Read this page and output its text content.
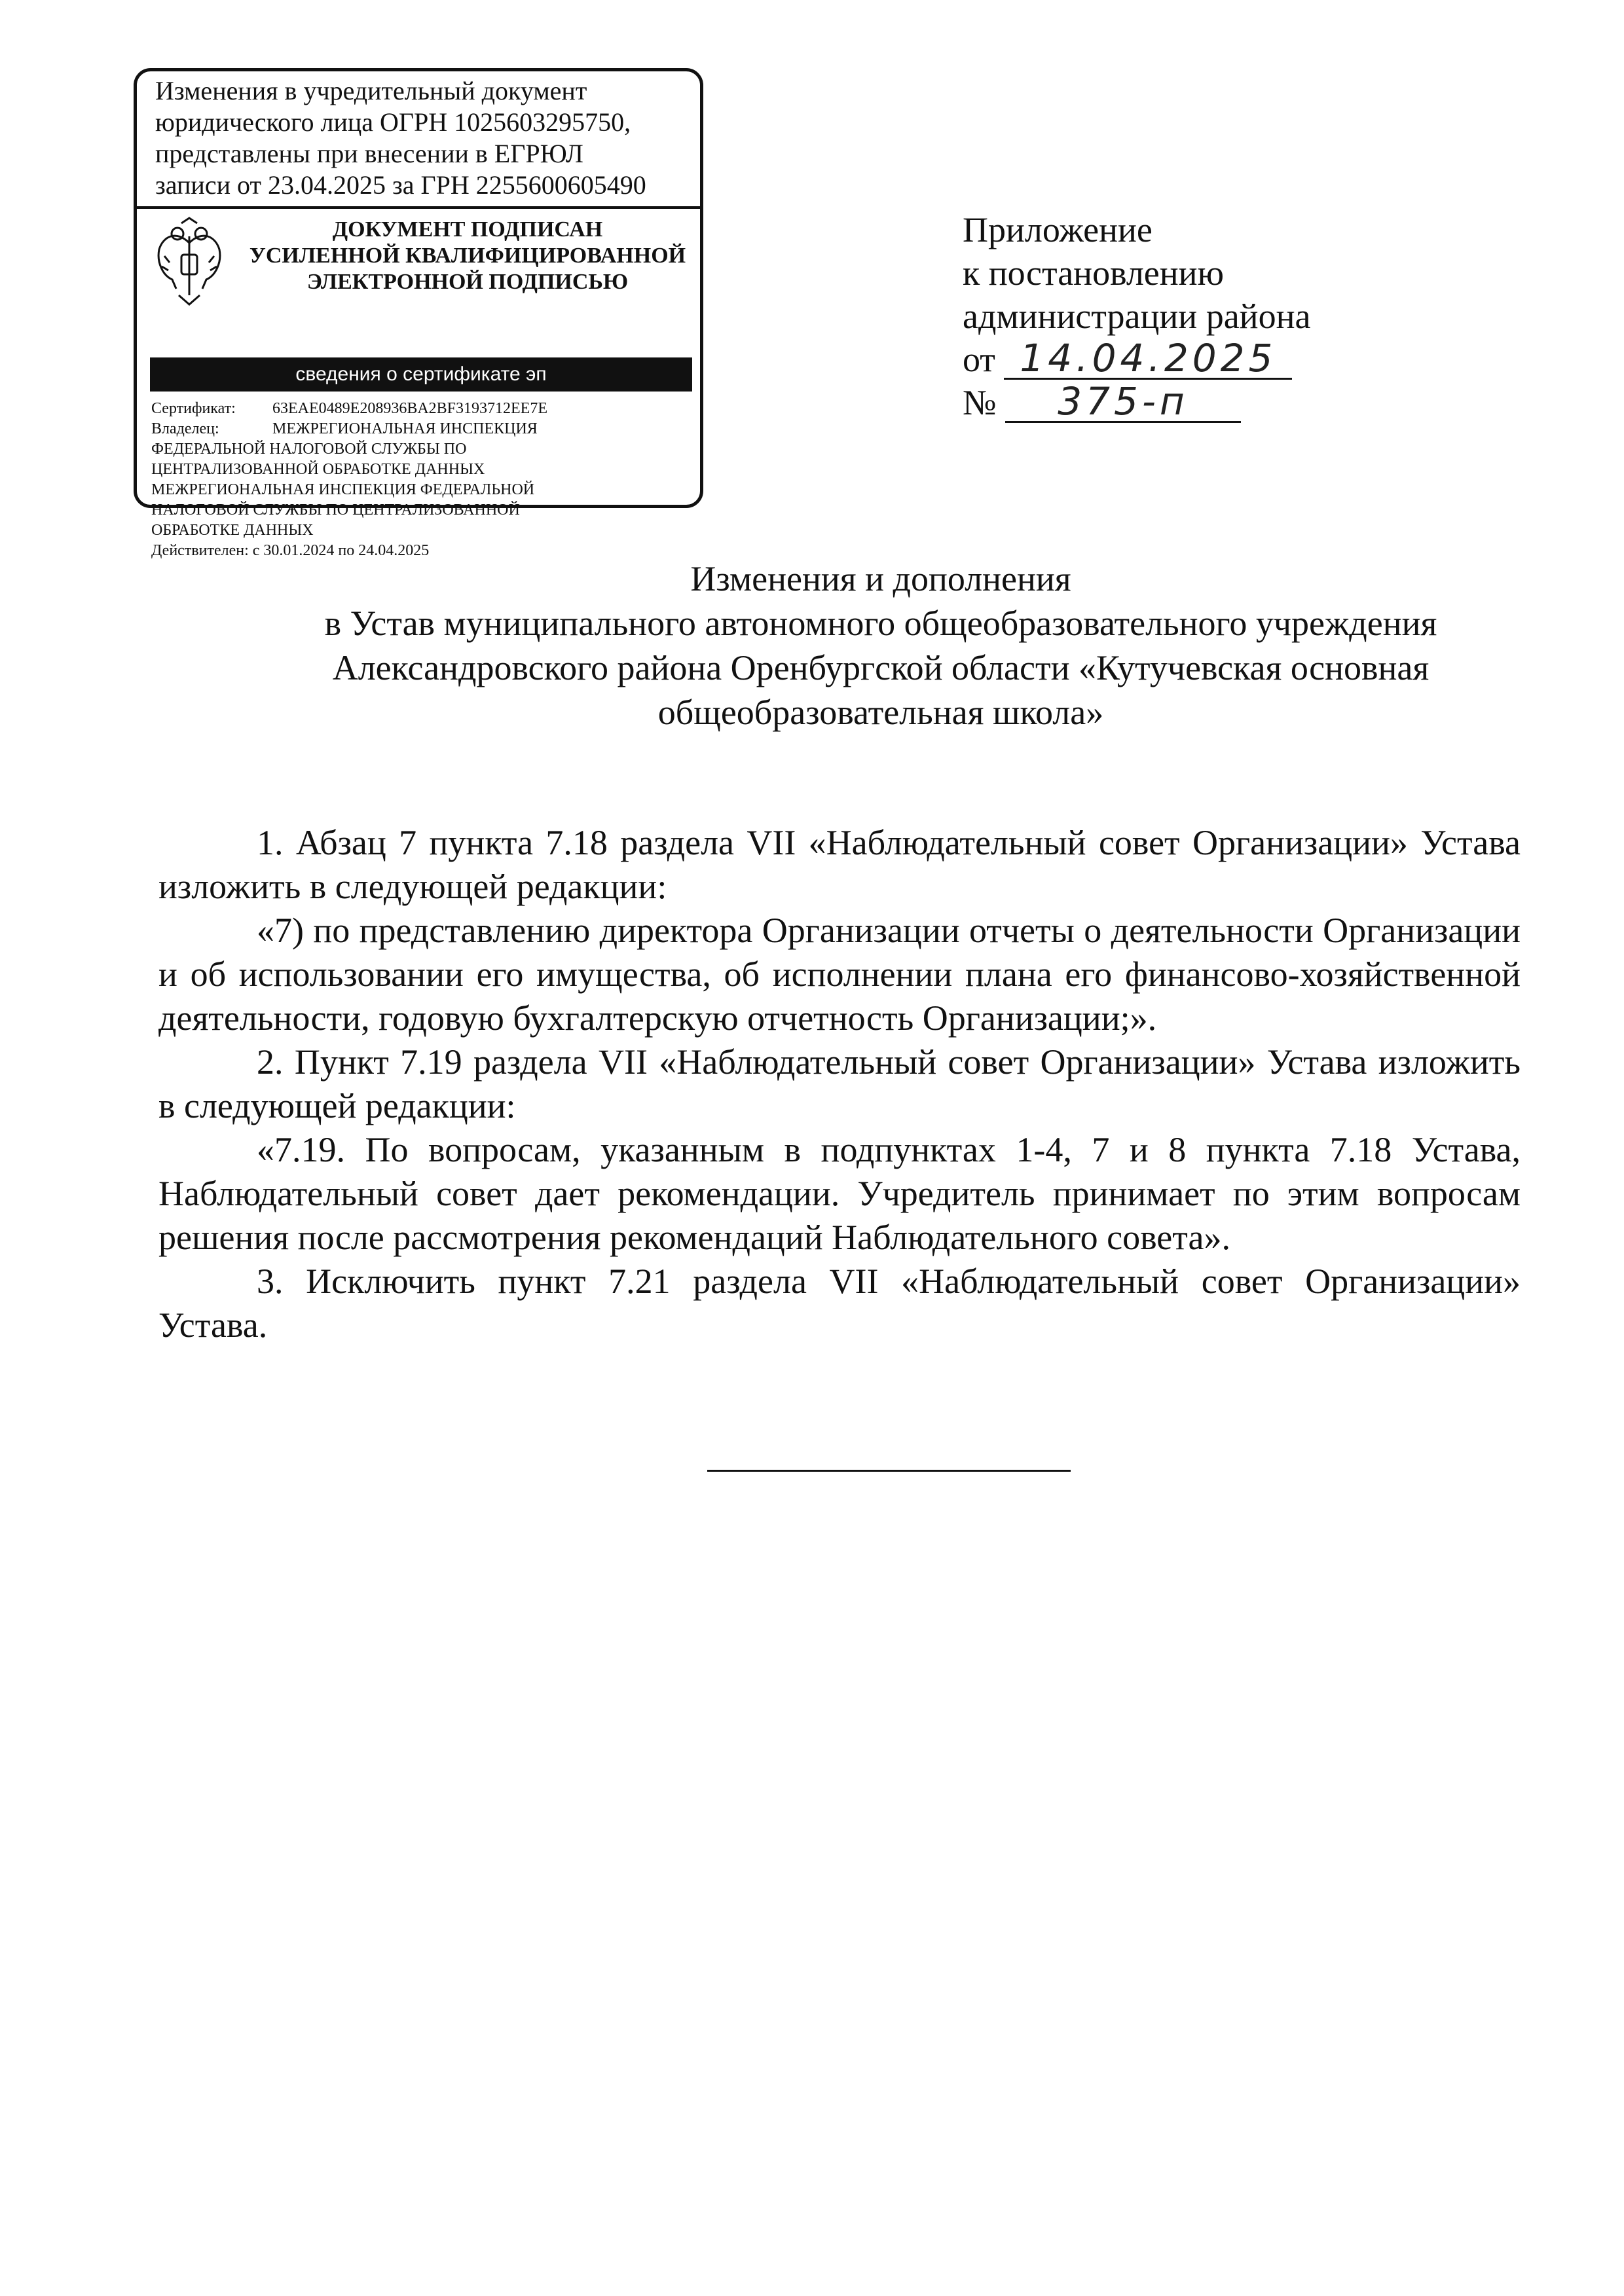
Изменения в учредительный документ
юридического лица ОГРН 1025603295750,
представлены при внесении в ЕГРЮЛ
записи от 23.04.2025 за ГРН 2255600605490
ДОКУМЕНТ ПОДПИСАН
УСИЛЕННОЙ КВАЛИФИЦИРОВАННОЙ
ЭЛЕКТРОННОЙ ПОДПИСЬЮ
сведения о сертификате эп
Сертификат: 63EAE0489E208936BA2BF3193712EE7E
Владелец:	МЕЖРЕГИОНАЛЬНАЯ ИНСПЕКЦИЯ
ФЕДЕРАЛЬНОЙ НАЛОГОВОЙ СЛУЖБЫ ПО
ЦЕНТРАЛИЗОВАННОЙ ОБРАБОТКЕ ДАННЫХ
МЕЖРЕГИОНАЛЬНАЯ ИНСПЕКЦИЯ ФЕДЕРАЛЬНОЙ
НАЛОГОВОЙ СЛУЖБЫ ПО ЦЕНТРАЛИЗОВАННОЙ
ОБРАБОТКЕ ДАННЫХ
Действителен: с 30.01.2024 по 24.04.2025
Приложение
к постановлению
администрации района
от 14.04.2025
№ 375-п
Изменения и дополнения
в Устав муниципального автономного общеобразовательного учреждения
Александровского района Оренбургской области «Кутучевская основная
общеобразовательная школа»

1. Абзац 7 пункта 7.18 раздела VII «Наблюдательный совет Организации» Устава изложить в следующей редакции:

«7) по представлению директора Организации отчеты о деятельности Организации и об использовании его имущества, об исполнении плана его финансово-хозяйственной деятельности, годовую бухгалтерскую отчетность Организации;».

2. Пункт 7.19 раздела VII «Наблюдательный совет Организации» Устава изложить в следующей редакции:

«7.19. По вопросам, указанным в подпунктах 1-4, 7 и 8 пункта 7.18 Устава, Наблюдательный совет дает рекомендации. Учредитель принимает по этим вопросам решения после рассмотрения рекомендаций Наблюдательного совета».

3. Исключить пункт 7.21 раздела VII «Наблюдательный совет Организации» Устава.
